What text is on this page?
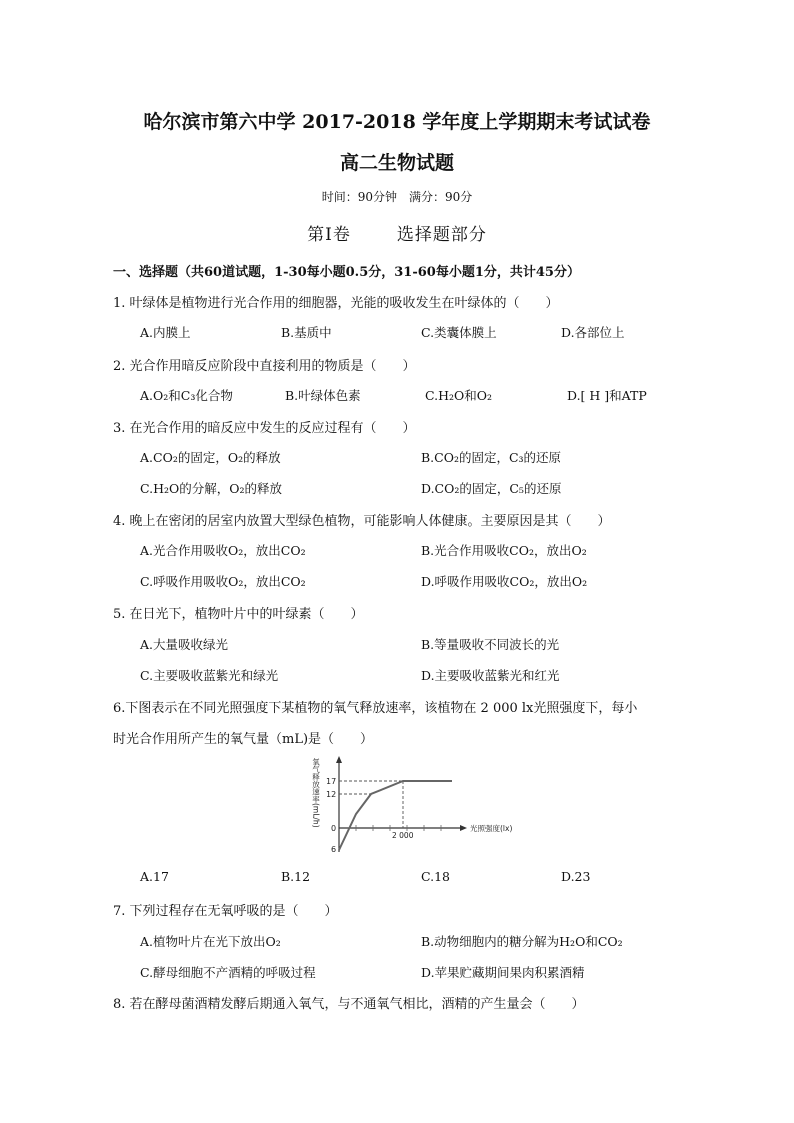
哈尔滨市第六中学 2017-2018 学年度上学期期末考试试卷
高二生物试题
时间：90分钟　满分：90分
第Ⅰ卷	选择题部分
一、选择题（共60道试题，1-30每小题0.5分，31-60每小题1分，共计45分）
1. 叶绿体是植物进行光合作用的细胞器，光能的吸收发生在叶绿体的（　　）
A.内膜上	B.基质中	C.类囊体膜上	D.各部位上
2. 光合作用暗反应阶段中直接利用的物质是（　　）
A.O₂和C₃化合物	B.叶绿体色素	C.H₂O和O₂	D.[ H ]和ATP
3. 在光合作用的暗反应中发生的反应过程有（　　）
A.CO₂的固定，O₂的释放	B.CO₂的固定，C₃的还原
C.H₂O的分解，O₂的释放	D.CO₂的固定，C₅的还原
4. 晚上在密闭的居室内放置大型绿色植物，可能影响人体健康。主要原因是其（　　）
A.光合作用吸收O₂，放出CO₂	B.光合作用吸收CO₂，放出O₂
C.呼吸作用吸收O₂，放出CO₂	D.呼吸作用吸收CO₂，放出O₂
5. 在日光下，植物叶片中的叶绿素（　　）
A.大量吸收绿光	B.等量吸收不同波长的光
C.主要吸收蓝紫光和绿光	D.主要吸收蓝紫光和红光
6.下图表示在不同光照强度下某植物的氧气释放速率，该植物在 2 000 lx光照强度下，每小
时光合作用所产生的氧气量（mL)是（　　）
17
12
0
6
2 000
光照强度(lx)
氧气释放速率(mL/h)
A.17	B.12	C.18	D.23
7. 下列过程存在无氧呼吸的是（　　）
A.植物叶片在光下放出O₂	B.动物细胞内的糖分解为H₂O和CO₂
C.酵母细胞不产酒精的呼吸过程	D.苹果贮藏期间果肉积累酒精
8. 若在酵母菌酒精发酵后期通入氧气，与不通氧气相比，酒精的产生量会（　　）
